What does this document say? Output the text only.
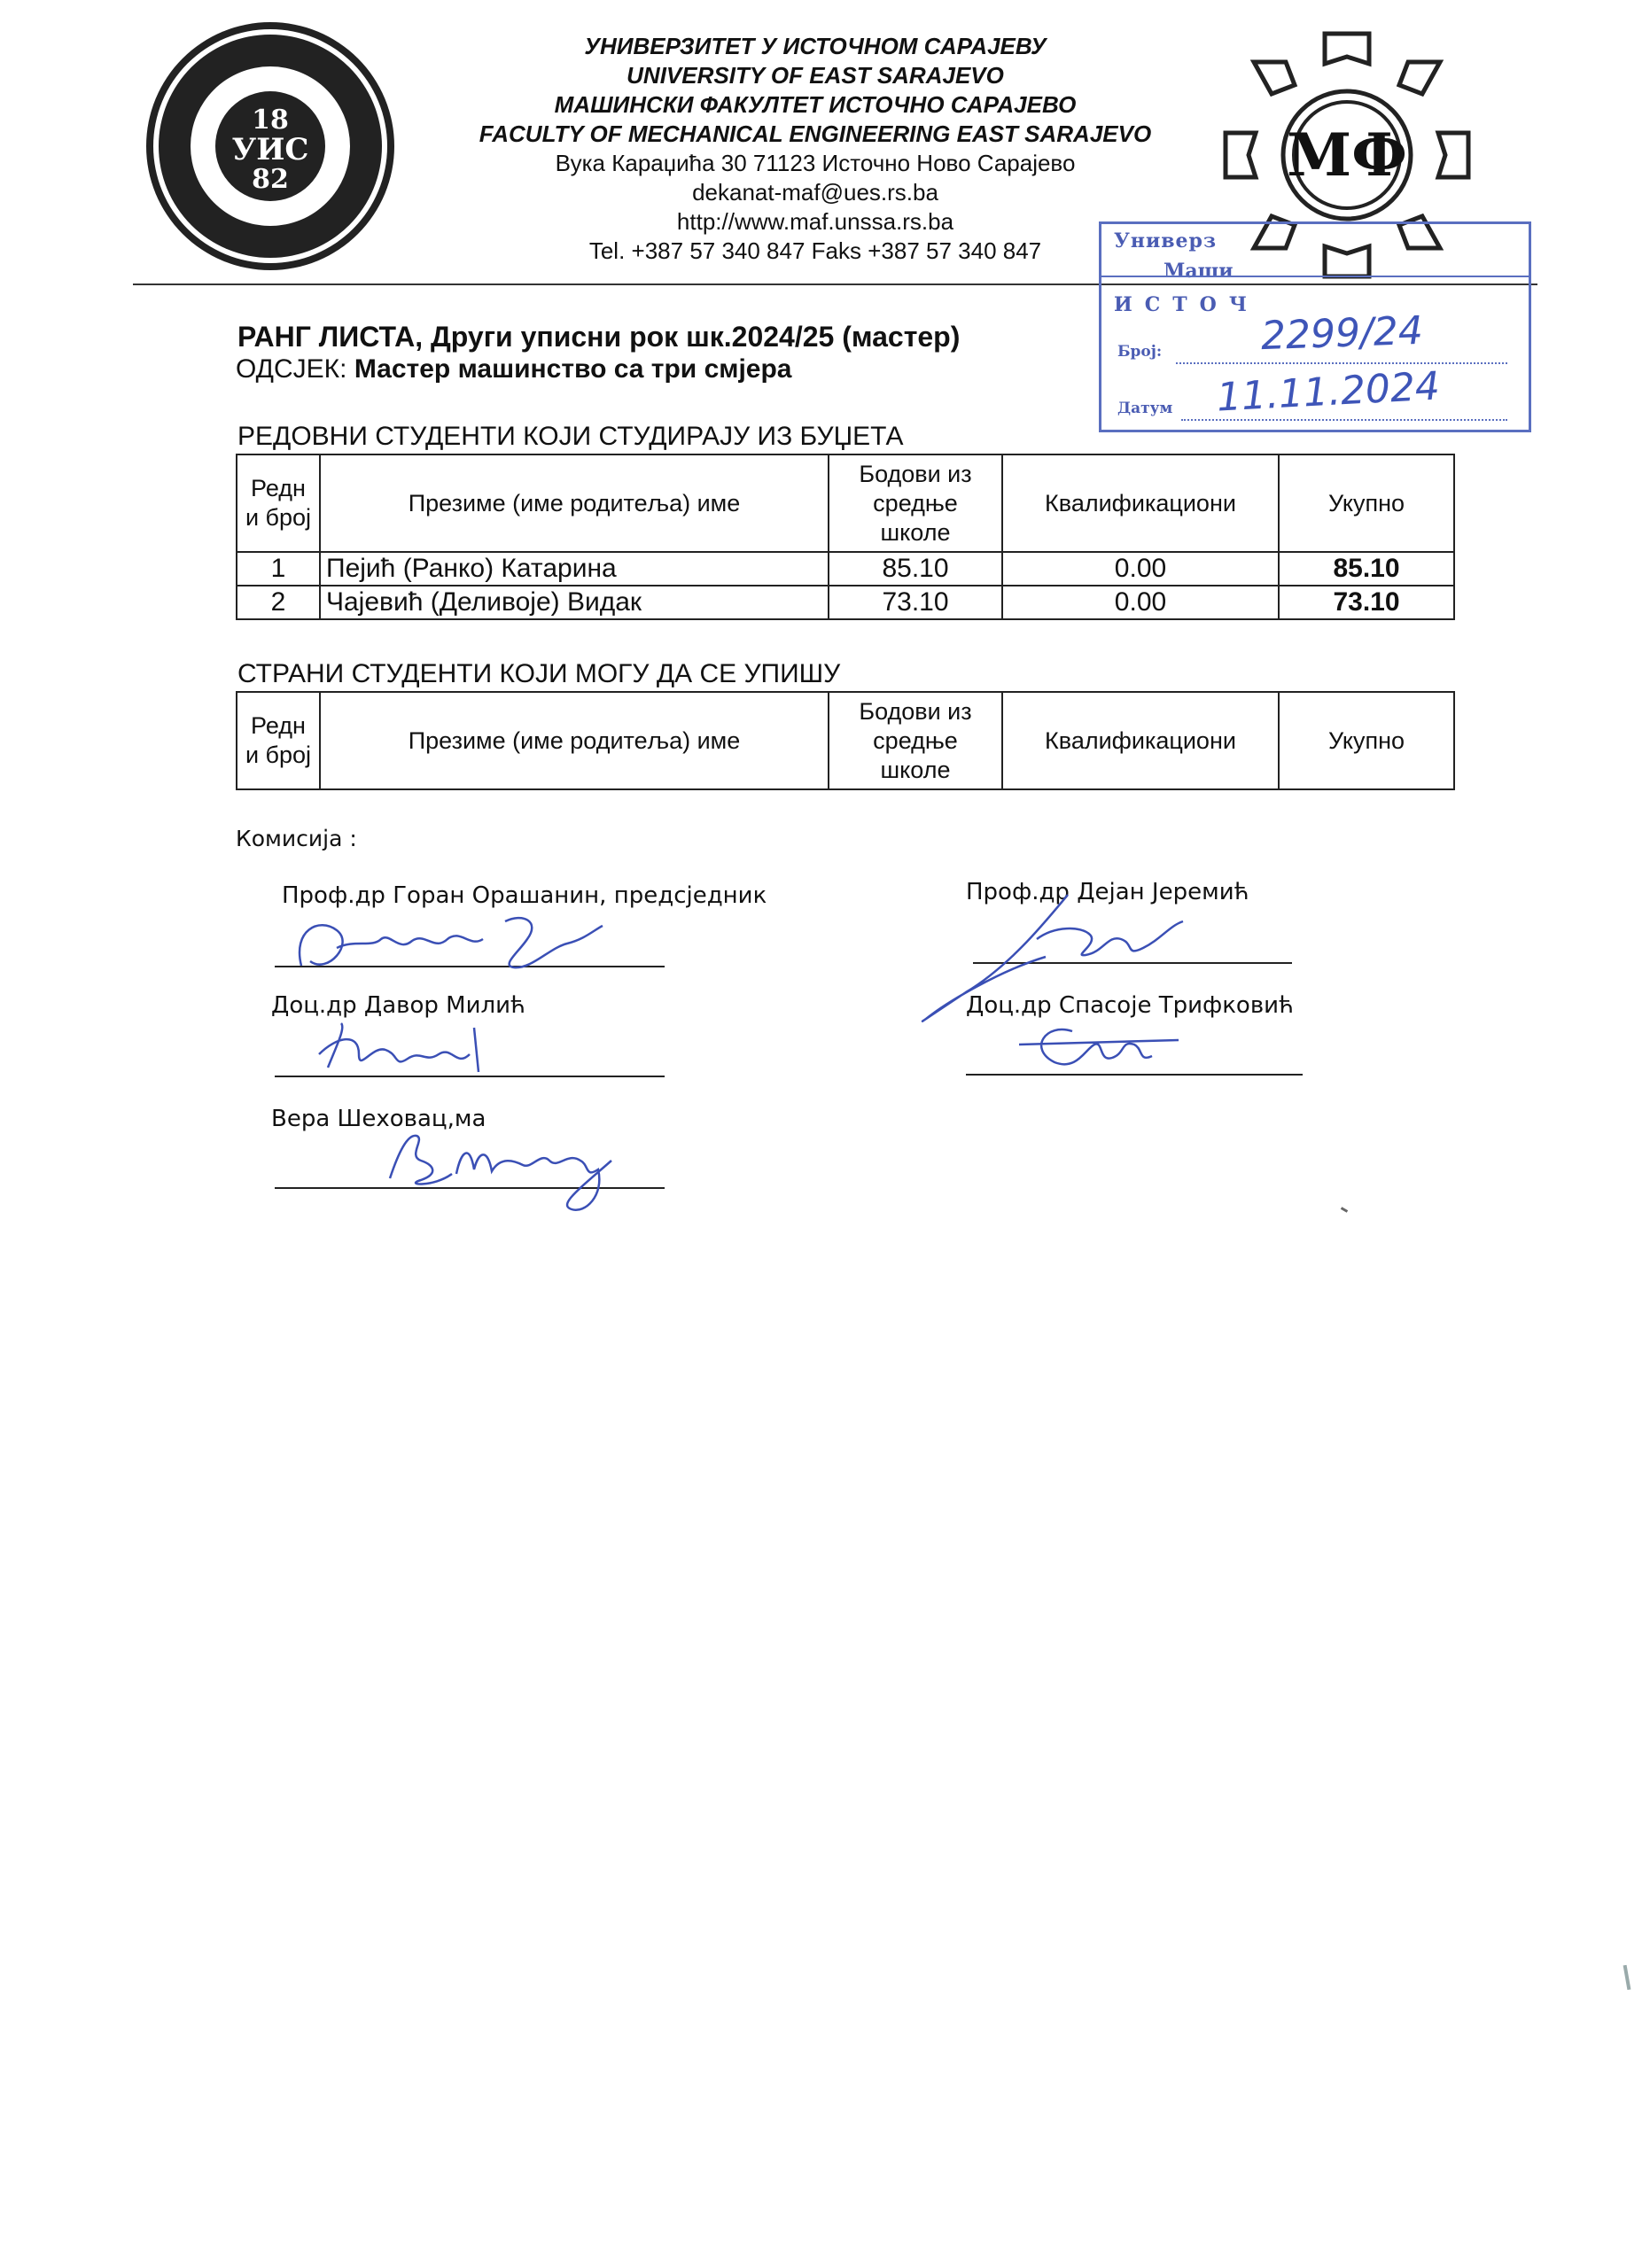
18
УИС
82
УНИВЕРЗИТЕТ У ИСТОЧНОМ САРАЈЕВУ
UNIVERSITY OF EAST SARAJEVO
МАШИНСКИ ФАКУЛТЕТ ИСТОЧНО САРАЈЕВО
FACULTY OF MECHANICAL ENGINEERING EAST SARAJEVO
Вука Караџића 30 71123 Источно Ново Сарајево
dekanat-maf@ues.rs.ba
http://www.maf.unssa.rs.ba
Tel. +387 57 340 847 Faks +387 57 340 847
МФ
Универз
Маши
ИСТОЧ
Број:	2299/24
Датум 11.11.2024
РАНГ ЛИСТА, Други уписни рок шк.2024/25 (мастер)
ОДСЈЕК: Мастер машинство са три смјера
РЕДОВНИ СТУДЕНТИ КОЈИ СТУДИРАЈУ ИЗ БУЏЕТА
Редн и број	Презиме (име родитеља) име	Бодови из средње школе	Квалификациони	Укупно
1	Пејић (Ранко) Катарина	85.10	0.00	85.10
2	Чајевић (Деливоје) Видак	73.10	0.00	73.10
СТРАНИ СТУДЕНТИ КОЈИ МОГУ ДА СЕ УПИШУ
Редн и број	Презиме (име родитеља) име	Бодови из средње школе	Квалификациони	Укупно
Комисија :
Проф.др Горан Орашанин, предсједник	Проф.др Дејан Јеремић
Доц.др Давор Милић	Доц.др Спасоје Трифковић
Вера Шеховац,ма
